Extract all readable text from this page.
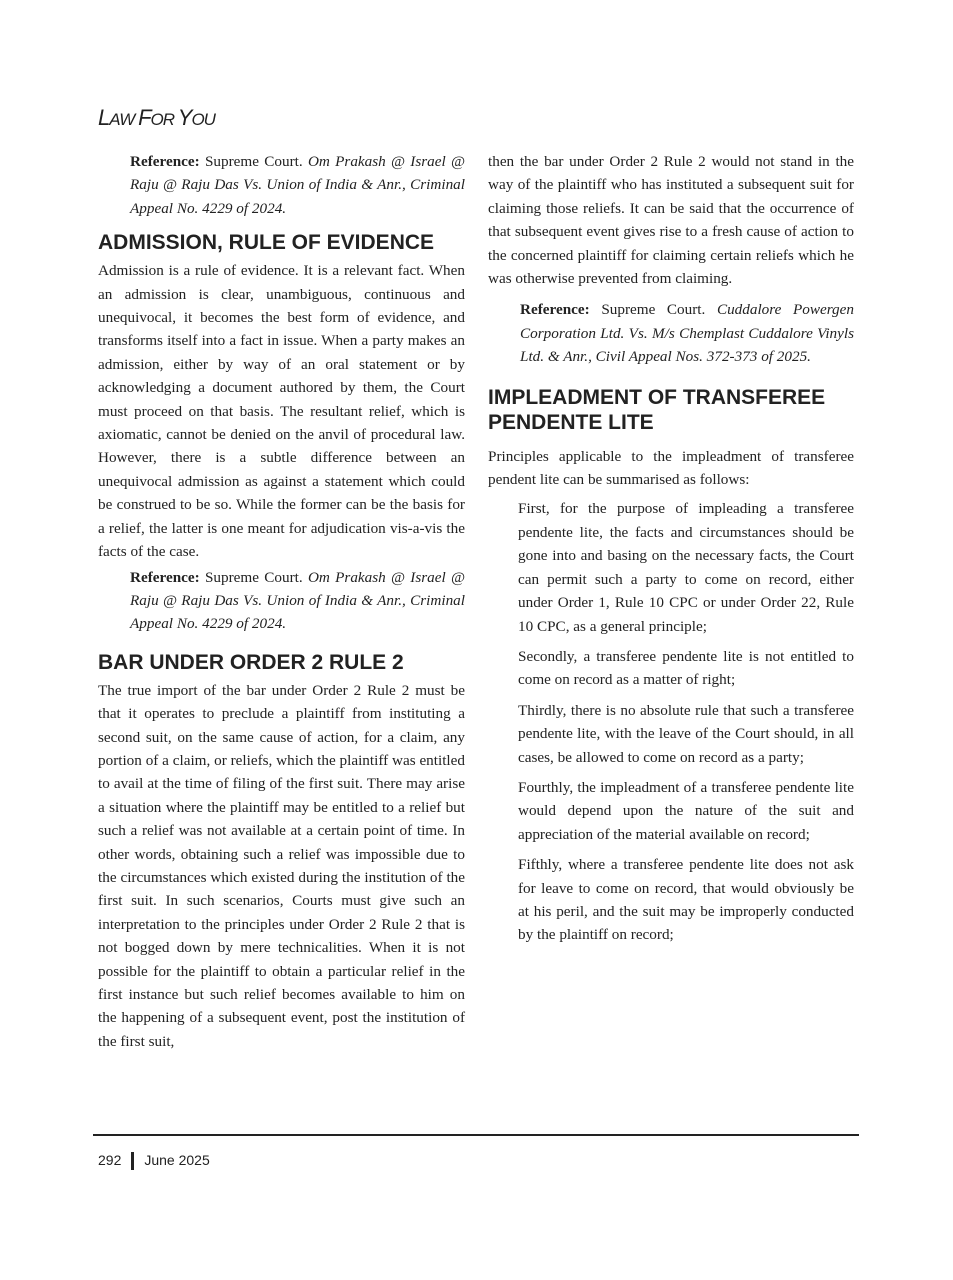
LAW FOR YOU

Reference: Supreme Court. Om Prakash @ Israel @ Raju @ Raju Das Vs. Union of India & Anr., Criminal Appeal No. 4229 of 2024.

ADMISSION, RULE OF EVIDENCE

Admission is a rule of evidence. It is a relevant fact. When an admission is clear, unambiguous, continuous and unequivocal, it becomes the best form of evidence, and transforms itself into a fact in issue. When a party makes an admission, either by way of an oral statement or by acknowledging a document authored by them, the Court must proceed on that basis. The resultant relief, which is axiomatic, cannot be denied on the anvil of procedural law. However, there is a subtle difference between an unequivocal admission as against a statement which could be construed to be so. While the former can be the basis for a relief, the latter is one meant for adjudication vis-a-vis the facts of the case.

Reference: Supreme Court. Om Prakash @ Israel @ Raju @ Raju Das Vs. Union of India & Anr., Criminal Appeal No. 4229 of 2024.

BAR UNDER ORDER 2 RULE 2

The true import of the bar under Order 2 Rule 2 must be that it operates to preclude a plaintiff from instituting a second suit, on the same cause of action, for a claim, any portion of a claim, or reliefs, which the plaintiff was entitled to avail at the time of filing of the first suit. There may arise a situation where the plaintiff may be entitled to a relief but such a relief was not available at a certain point of time. In other words, obtaining such a relief was impossible due to the circumstances which existed during the institution of the first suit. In such scenarios, Courts must give such an interpretation to the principles under Order 2 Rule 2 that is not bogged down by mere technicalities. When it is not possible for the plaintiff to obtain a particular relief in the first instance but such relief becomes available to him on the happening of a subsequent event, post the institution of the first suit,

then the bar under Order 2 Rule 2 would not stand in the way of the plaintiff who has instituted a subsequent suit for claiming those reliefs. It can be said that the occurrence of that subsequent event gives rise to a fresh cause of action to the concerned plaintiff for claiming certain reliefs which he was otherwise prevented from claiming.

Reference: Supreme Court. Cuddalore Powergen Corporation Ltd. Vs. M/s Chemplast Cuddalore Vinyls Ltd. & Anr., Civil Appeal Nos. 372-373 of 2025.

IMPLEADMENT OF TRANSFEREE PENDENTE LITE

Principles applicable to the impleadment of transferee pendent lite can be summarised as follows:

First, for the purpose of impleading a transferee pendente lite, the facts and circumstances should be gone into and basing on the necessary facts, the Court can permit such a party to come on record, either under Order 1, Rule 10 CPC or under Order 22, Rule 10 CPC, as a general principle;

Secondly, a transferee pendente lite is not entitled to come on record as a matter of right;

Thirdly, there is no absolute rule that such a transferee pendente lite, with the leave of the Court should, in all cases, be allowed to come on record as a party;

Fourthly, the impleadment of a transferee pendente lite would depend upon the nature of the suit and appreciation of the material available on record;

Fifthly, where a transferee pendente lite does not ask for leave to come on record, that would obviously be at his peril, and the suit may be improperly conducted by the plaintiff on record;

292 June 2025
